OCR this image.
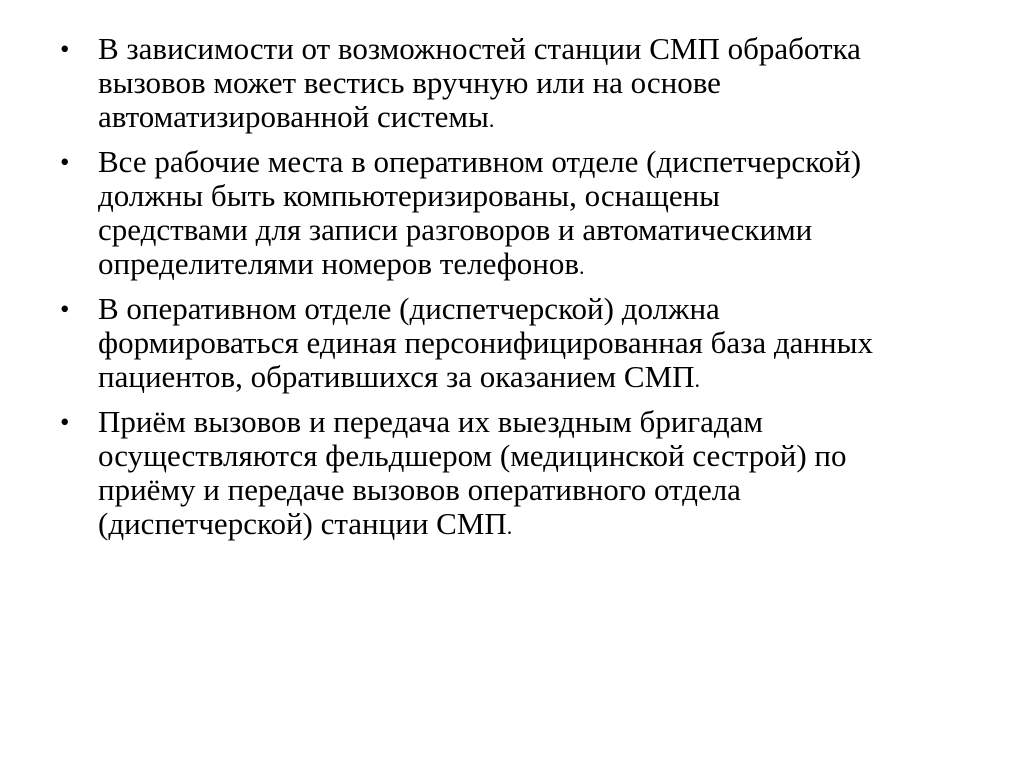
• В зависимости от возможностей станции СМП обработка
вызовов может вестись вручную или на основе
автоматизированной системы.
• Все рабочие места в оперативном отделе (диспетчерской)
должны быть компьютеризированы, оснащены
средствами для записи разговоров и автоматическими
определителями номеров телефонов.
• В оперативном отделе (диспетчерской) должна
формироваться единая персонифицированная база данных
пациентов, обратившихся за оказанием СМП.
• Приём вызовов и передача их выездным бригадам
осуществляются фельдшером (медицинской сестрой) по
приёму и передаче вызовов оперативного отдела
(диспетчерской) станции СМП.
